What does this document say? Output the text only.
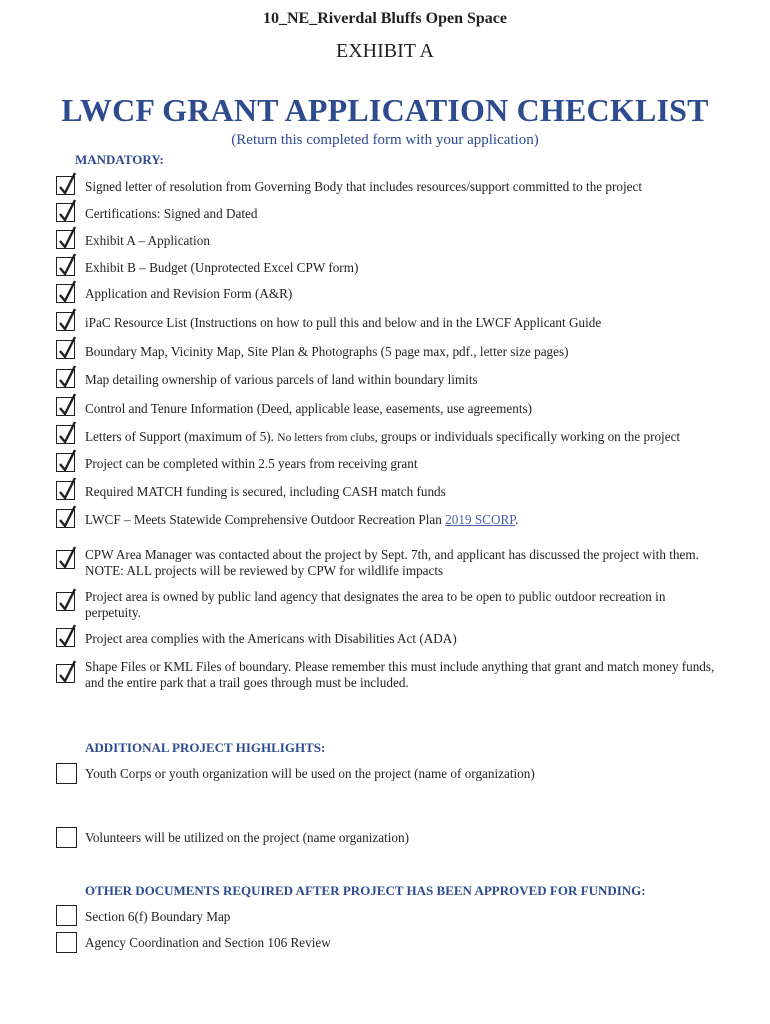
10_NE_Riverdal Bluffs Open Space
EXHIBIT A
LWCF GRANT APPLICATION CHECKLIST
(Return this completed form with your application)
MANDATORY:
Signed letter of resolution from Governing Body that includes resources/support committed to the project
Certifications: Signed and Dated
Exhibit A – Application
Exhibit B – Budget (Unprotected Excel CPW form)
Application and Revision Form (A&R)
iPaC Resource List (Instructions on how to pull this and below and in the LWCF Applicant Guide
Boundary Map, Vicinity Map, Site Plan & Photographs (5 page max, pdf., letter size pages)
Map detailing ownership of various parcels of land within boundary limits
Control and Tenure Information (Deed, applicable lease, easements, use agreements)
Letters of Support (maximum of 5). No letters from clubs, groups or individuals specifically working on the project
Project can be completed within 2.5 years from receiving grant
Required MATCH funding is secured, including CASH match funds
LWCF – Meets Statewide Comprehensive Outdoor Recreation Plan 2019 SCORP.
CPW Area Manager was contacted about the project by Sept. 7th, and applicant has discussed the project with them. NOTE: ALL projects will be reviewed by CPW for wildlife impacts
Project area is owned by public land agency that designates the area to be open to public outdoor recreation in perpetuity.
Project area complies with the Americans with Disabilities Act (ADA)
Shape Files or KML Files of boundary. Please remember this must include anything that grant and match money funds, and the entire park that a trail goes through must be included.
ADDITIONAL PROJECT HIGHLIGHTS:
Youth Corps or youth organization will be used on the project (name of organization)
Volunteers will be utilized on the project (name organization)
OTHER DOCUMENTS REQUIRED AFTER PROJECT HAS BEEN APPROVED FOR FUNDING:
Section 6(f) Boundary Map
Agency Coordination and Section 106 Review
